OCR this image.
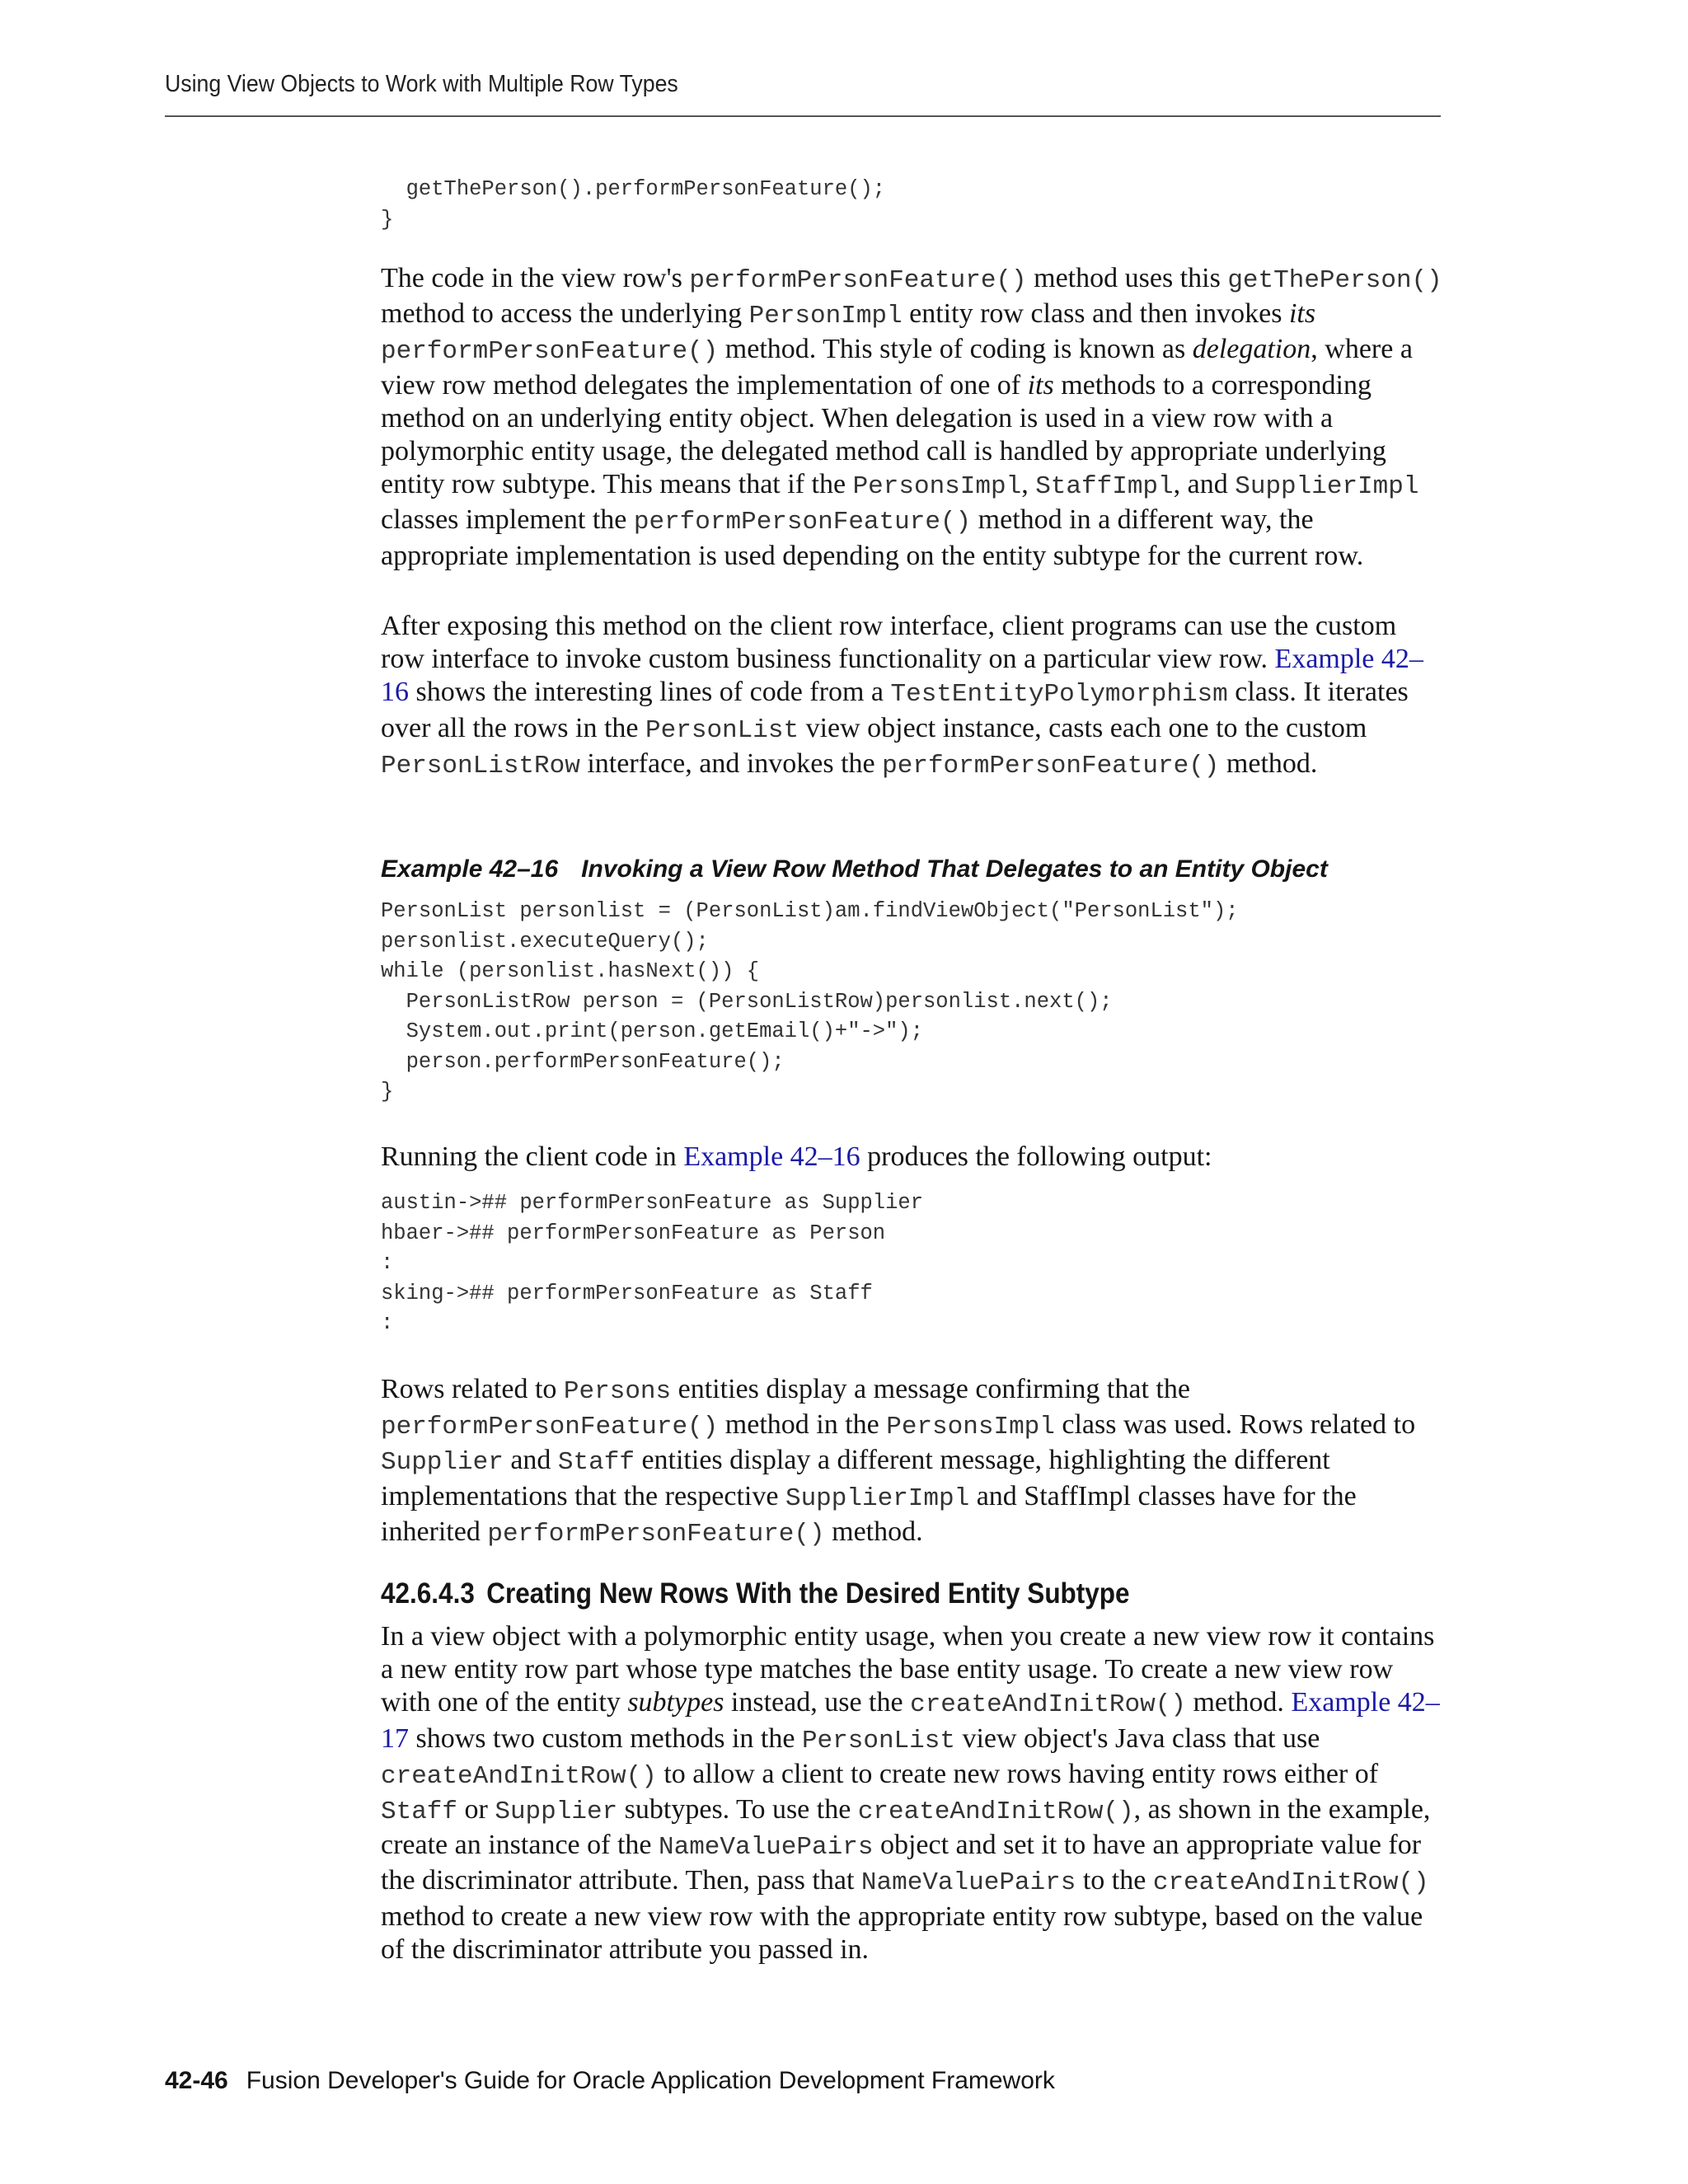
Using View Objects to Work with Multiple Row Types
getThePerson().performPersonFeature();
}

The code in the view row's performPersonFeature() method uses this getThePerson() method to access the underlying PersonImpl entity row class and then invokes its performPersonFeature() method. This style of coding is known as delegation, where a view row method delegates the implementation of one of its methods to a corresponding method on an underlying entity object. When delegation is used in a view row with a polymorphic entity usage, the delegated method call is handled by appropriate underlying entity row subtype. This means that if the PersonsImpl, StaffImpl, and SupplierImpl classes implement the performPersonFeature() method in a different way, the appropriate implementation is used depending on the entity subtype for the current row.

After exposing this method on the client row interface, client programs can use the custom row interface to invoke custom business functionality on a particular view row. Example 42–16 shows the interesting lines of code from a TestEntityPolymorphism class. It iterates over all the rows in the PersonList view object instance, casts each one to the custom PersonListRow interface, and invokes the performPersonFeature() method.

Example 42–16 Invoking a View Row Method That Delegates to an Entity Object

PersonList personlist = (PersonList)am.findViewObject("PersonList");
personlist.executeQuery();
while (personlist.hasNext()) {
PersonListRow person = (PersonListRow)personlist.next();
System.out.print(person.getEmail()+"->");
person.performPersonFeature();
}

Running the client code in Example 42–16 produces the following output:

austin->## performPersonFeature as Supplier
hbaer->## performPersonFeature as Person
:
sking->## performPersonFeature as Staff
:

Rows related to Persons entities display a message confirming that the performPersonFeature() method in the PersonsImpl class was used. Rows related to Supplier and Staff entities display a different message, highlighting the different implementations that the respective SupplierImpl and StaffImpl classes have for the inherited performPersonFeature() method.

42.6.4.3 Creating New Rows With the Desired Entity Subtype

In a view object with a polymorphic entity usage, when you create a new view row it contains a new entity row part whose type matches the base entity usage. To create a new view row with one of the entity subtypes instead, use the createAndInitRow() method. Example 42–17 shows two custom methods in the PersonList view object's Java class that use createAndInitRow() to allow a client to create new rows having entity rows either of Staff or Supplier subtypes. To use the createAndInitRow(), as shown in the example, create an instance of the NameValuePairs object and set it to have an appropriate value for the discriminator attribute. Then, pass that NameValuePairs to the createAndInitRow() method to create a new view row with the appropriate entity row subtype, based on the value of the discriminator attribute you passed in.

42-46 Fusion Developer's Guide for Oracle Application Development Framework
